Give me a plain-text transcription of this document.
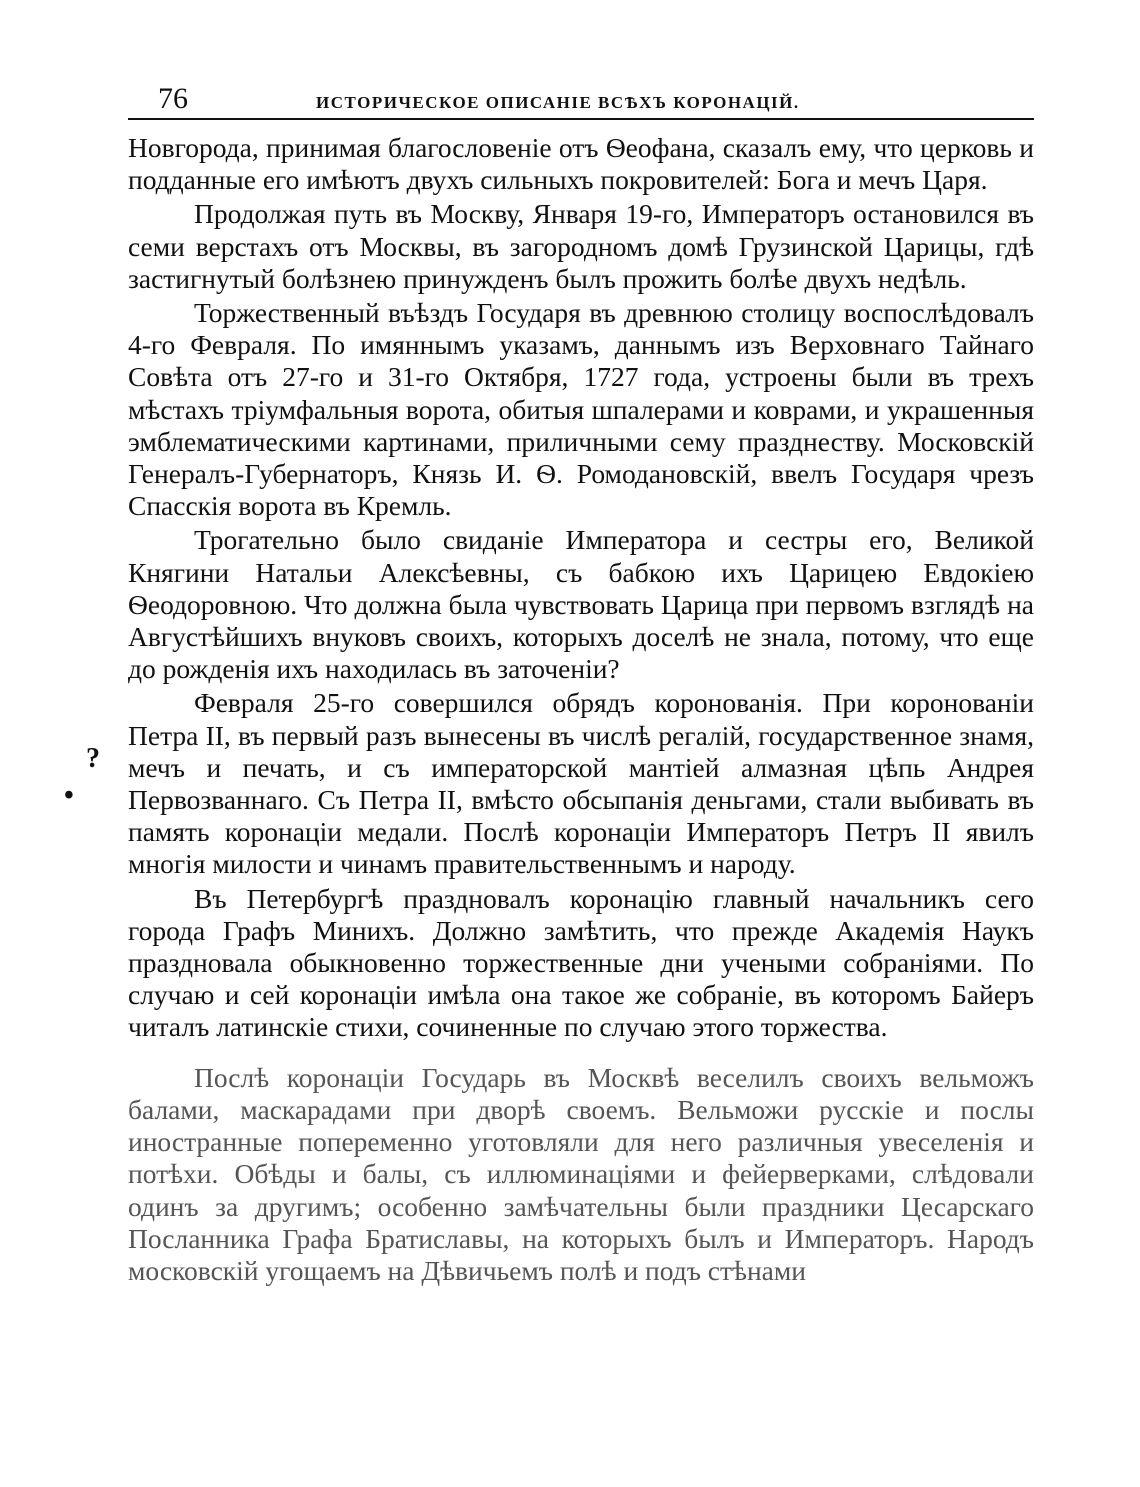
76	ИСТОРИЧЕСКОЕ ОПИСАНІЕ ВСѢХЪ КОРОНАЦІЙ.

Новгорода, принимая благословеніе отъ Ѳеофана, сказалъ ему, что церковь и подданные его имѣютъ двухъ сильныхъ покровителей: Бога и мечъ Царя.

Продолжая путь въ Москву, Января 19-го, Императоръ остановился въ семи верстахъ отъ Москвы, въ загородномъ домѣ Грузинской Царицы, гдѣ застигнутый болѣзнею принужденъ былъ прожить болѣе двухъ недѣль.

Торжественный въѣздъ Государя въ древнюю столицу воспослѣдовалъ 4-го Февраля. По имяннымъ указамъ, даннымъ изъ Верховнаго Тайнаго Совѣта отъ 27-го и 31-го Октября, 1727 года, устроены были въ трехъ мѣстахъ тріумфальныя ворота, обитыя шпалерами и коврами, и украшенныя эмблематическими картинами, приличными сему празднеству. Московскій Генералъ-Губернаторъ, Князь И. Ѳ. Ромодановскій, ввелъ Государя чрезъ Спасскія ворота въ Кремль.

Трогательно было свиданіе Императора и сестры его, Великой Княгини Натальи Алексѣевны, съ бабкою ихъ Царицею Евдокіею Ѳеодоровною. Что должна была чувствовать Царица при первомъ взглядѣ на Августѣйшихъ внуковъ своихъ, которыхъ доселѣ не знала, потому, что еще до рожденія ихъ находилась въ заточеніи?

Февраля 25-го совершился обрядъ коронованія. При коронованіи Петра II, въ первый разъ вынесены въ числѣ регалій, государственное знамя, мечъ и печать, и съ императорской мантіей алмазная цѣпь Андрея Первозваннаго. Съ Петра II, вмѣсто обсыпанія деньгами, стали выбивать въ память коронаціи медали. Послѣ коронаціи Императоръ Петръ II явилъ многія милости и чинамъ правительственнымъ и народу.

Въ Петербургѣ праздновалъ коронацію главный начальникъ сего города Графъ Минихъ. Должно замѣтить, что прежде Академія Наукъ праздновала обыкновенно торжественные дни учеными собраніями. По случаю и сей коронаціи имѣла она такое же собраніе, въ которомъ Байеръ читалъ латинскіе стихи, сочиненные по случаю этого торжества.

Послѣ коронаціи Государь въ Москвѣ веселилъ своихъ вельможъ балами, маскарадами при дворѣ своемъ. Вельможи русскіе и послы иностранные попеременно уготовляли для него различныя увеселенія и потѣхи. Обѣды и балы, съ иллюминаціями и фейерверками, слѣдовали одинъ за другимъ; особенно замѣчательны были праздники Цесарскаго Посланника Графа Братиславы, на которыхъ былъ и Императоръ. Народъ московскій угощаемъ на Дѣвичьемъ полѣ и подъ стѣнами

?
•
